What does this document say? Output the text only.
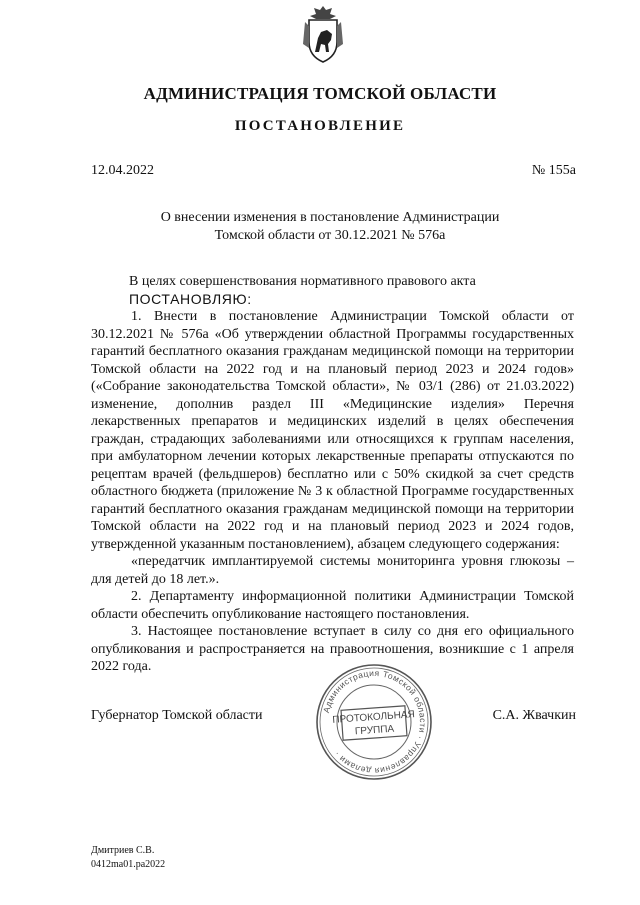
АДМИНИСТРАЦИЯ ТОМСКОЙ ОБЛАСТИ
ПОСТАНОВЛЕНИЕ
12.04.2022	№ 155а
О внесении изменения в постановление Администрации
Томской области от 30.12.2021 № 576а

В целях совершенствования нормативного правового акта

ПОСТАНОВЛЯЮ:

1. Внести в постановление Администрации Томской области от 30.12.2021 № 576а «Об утверждении областной Программы государственных гарантий бесплатного оказания гражданам медицинской помощи на территории Томской области на 2022 год и на плановый период 2023 и 2024 годов» («Собрание законодательства Томской области», № 03/1 (286) от 21.03.2022) изменение, дополнив раздел III «Медицинские изделия» Перечня лекарственных препаратов и медицинских изделий в целях обеспечения граждан, страдающих заболеваниями или относящихся к группам населения, при амбулаторном лечении которых лекарственные препараты отпускаются по рецептам врачей (фельдшеров) бесплатно или с 50% скидкой за счет средств областного бюджета (приложение № 3 к областной Программе государственных гарантий бесплатного оказания гражданам медицинской помощи на территории Томской области на 2022 год и на плановый период 2023 и 2024 годов, утвержденной указанным постановлением), абзацем следующего содержания:

«передатчик имплантируемой системы мониторинга уровня глюкозы – для детей до 18 лет.».

2. Департаменту информационной политики Администрации Томской области обеспечить опубликование настоящего постановления.

3. Настоящее постановление вступает в силу со дня его официального опубликования и распространяется на правоотношения, возникшие с 1 апреля 2022 года.

Губернатор Томской области	С.А. Жвачкин
Администрация Томской области · Управления делами ·
ПРОТОКОЛЬНАЯ
ГРУППА
Дмитриев С.В.
0412ma01.pa2022
